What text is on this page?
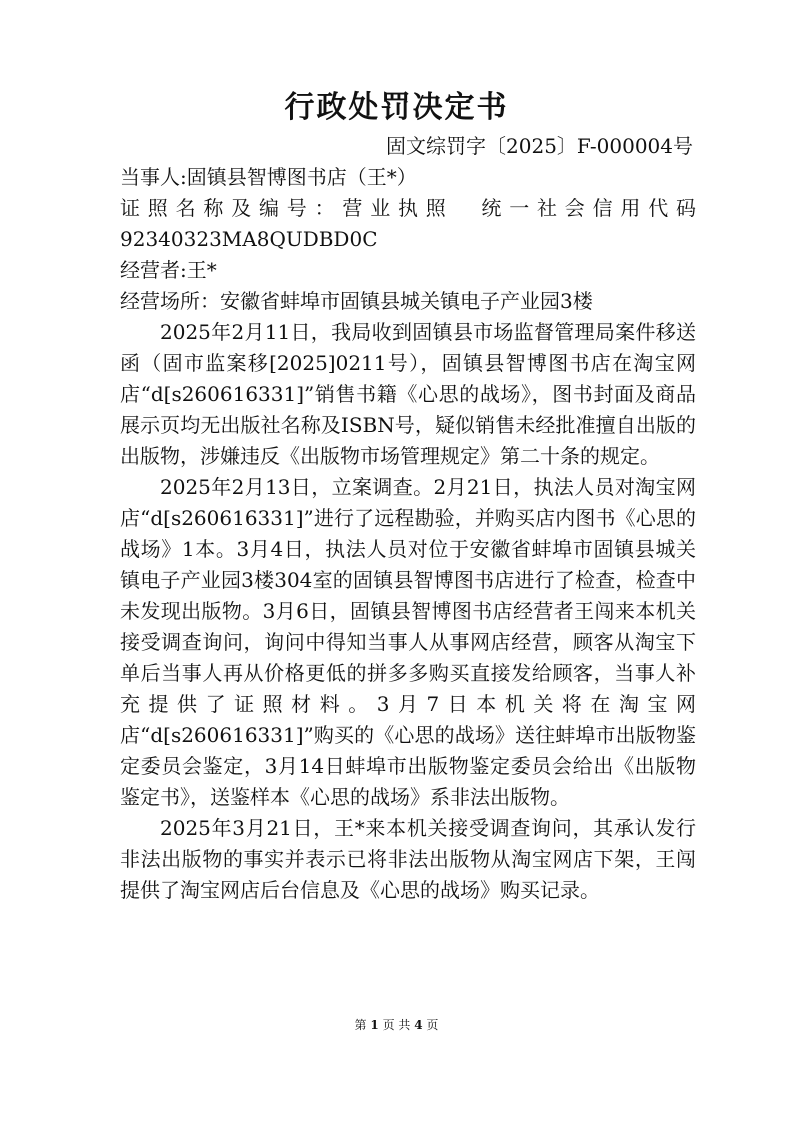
行政处罚决定书
固文综罚字〔2025〕F-000004号
当事人:固镇县智博图书店（王*）
证照名称及编号：营业执照　统一社会信用代码
92340323MA8QUDBD0C
经营者:王*
经营场所：安徽省蚌埠市固镇县城关镇电子产业园3楼
2025年2月11日，我局收到固镇县市场监督管理局案件移送函（固市监案移[2025]0211号），固镇县智博图书店在淘宝网店“d[s260616331]”销售书籍《心思的战场》，图书封面及商品展示页均无出版社名称及ISBN号，疑似销售未经批准擅自出版的出版物，涉嫌违反《出版物市场管理规定》第二十条的规定。
2025年2月13日，立案调查。2月21日，执法人员对淘宝网店“d[s260616331]”进行了远程勘验，并购买店内图书《心思的战场》1本。3月4日，执法人员对位于安徽省蚌埠市固镇县城关镇电子产业园3楼304室的固镇县智博图书店进行了检查，检查中未发现出版物。3月6日，固镇县智博图书店经营者王闯来本机关接受调查询问，询问中得知当事人从事网店经营，顾客从淘宝下单后当事人再从价格更低的拼多多购买直接发给顾客，当事人补充提供了证照材料。3月7日本机关将在淘宝网店“d[s260616331]”购买的《心思的战场》送往蚌埠市出版物鉴定委员会鉴定，3月14日蚌埠市出版物鉴定委员会给出《出版物鉴定书》，送鉴样本《心思的战场》系非法出版物。
2025年3月21日，王*来本机关接受调查询问，其承认发行非法出版物的事实并表示已将非法出版物从淘宝网店下架，王闯提供了淘宝网店后台信息及《心思的战场》购买记录。
第 1 页 共 4 页
